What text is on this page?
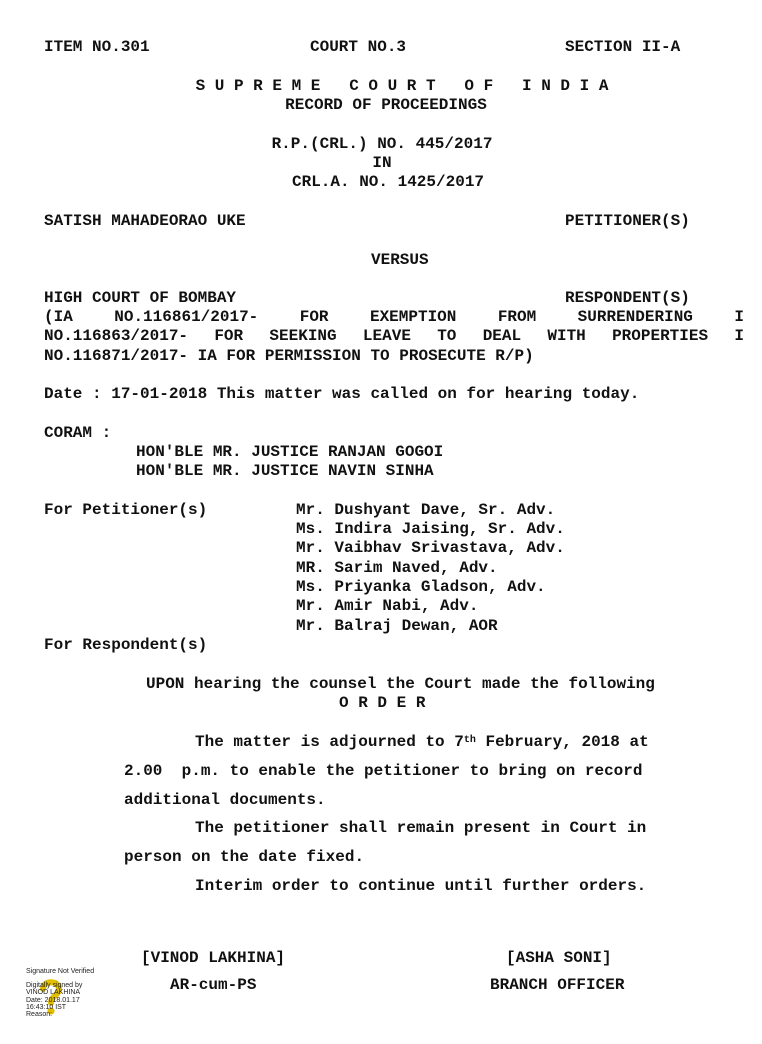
ITEM NO.301	COURT NO.3	SECTION II-A
S U P R E M E   C O U R T   O F   I N D I A
RECORD OF PROCEEDINGS
R.P.(CRL.) NO. 445/2017
IN
CRL.A. NO. 1425/2017
SATISH MAHADEORAO UKE	PETITIONER(S)
VERSUS
HIGH COURT OF BOMBAY	RESPONDENT(S)
(IA	NO.116861/2017-	FOR	EXEMPTION	FROM	SURRENDERING	I
NO.116863/2017- FOR SEEKING LEAVE TO DEAL WITH PROPERTIES I
NO.116871/2017- IA FOR PERMISSION TO PROSECUTE R/P)
Date : 17-01-2018 This matter was called on for hearing today.
CORAM :
HON'BLE MR. JUSTICE RANJAN GOGOI
HON'BLE MR. JUSTICE NAVIN SINHA
For Petitioner(s)	Mr. Dushyant Dave, Sr. Adv.
Ms. Indira Jaising, Sr. Adv.
Mr. Vaibhav Srivastava, Adv.
MR. Sarim Naved, Adv.
Ms. Priyanka Gladson, Adv.
Mr. Amir Nabi, Adv.
Mr. Balraj Dewan, AOR
For Respondent(s)
UPON hearing the counsel the Court made the following
O R D E R
The matter is adjourned to 7th February, 2018 at
2.00  p.m. to enable the petitioner to bring on record
additional documents.
The petitioner shall remain present in Court in
person on the date fixed.
Interim order to continue until further orders.
[VINOD LAKHINA]
AR-cum-PS
[ASHA SONI]
BRANCH OFFICER
Signature Not Verified
Digitally signed by
VINOD LAKHINA
Date: 2018.01.17
16:43:10 IST
Reason:
